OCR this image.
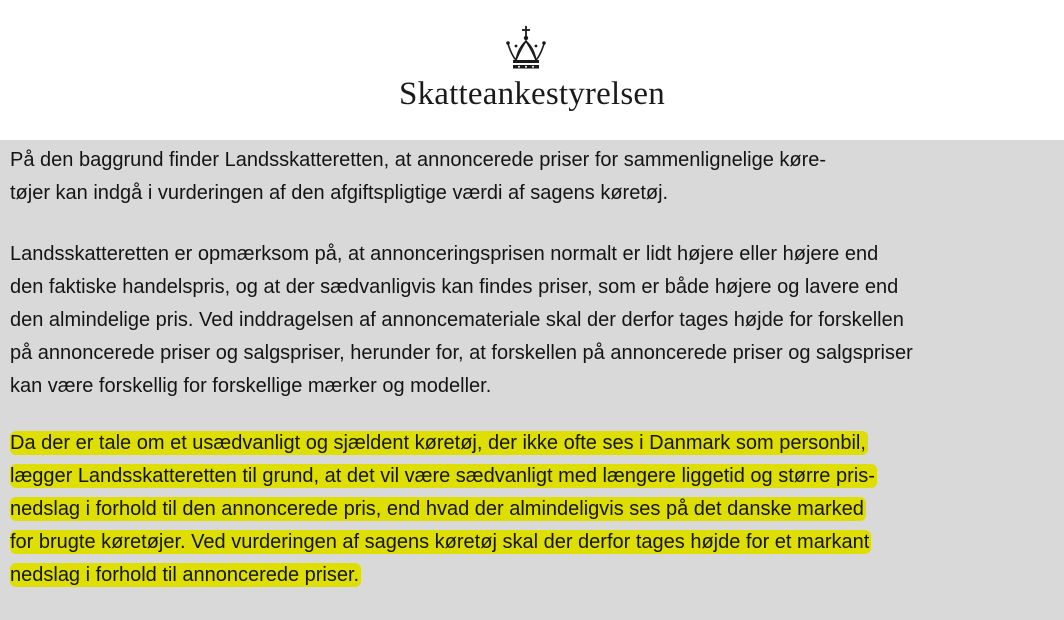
Skatteankestyrelsen

På den baggrund finder Landsskatteretten, at annoncerede priser for sammenlignelige køre-
tøjer kan indgå i vurderingen af den afgiftspligtige værdi af sagens køretøj.

Landsskatteretten er opmærksom på, at annonceringsprisen normalt er lidt højere eller højere end
den faktiske handelspris, og at der sædvanligvis kan findes priser, som er både højere og lavere end
den almindelige pris. Ved inddragelsen af annoncemateriale skal der derfor tages højde for forskellen
på annoncerede priser og salgspriser, herunder for, at forskellen på annoncerede priser og salgspriser
kan være forskellig for forskellige mærker og modeller.

Da der er tale om et usædvanligt og sjældent køretøj, der ikke ofte ses i Danmark som personbil,
lægger Landsskatteretten til grund, at det vil være sædvanligt med længere liggetid og større pris-
nedslag i forhold til den annoncerede pris, end hvad der almindeligvis ses på det danske marked
for brugte køretøjer. Ved vurderingen af sagens køretøj skal der derfor tages højde for et markant
nedslag i forhold til annoncerede priser.
